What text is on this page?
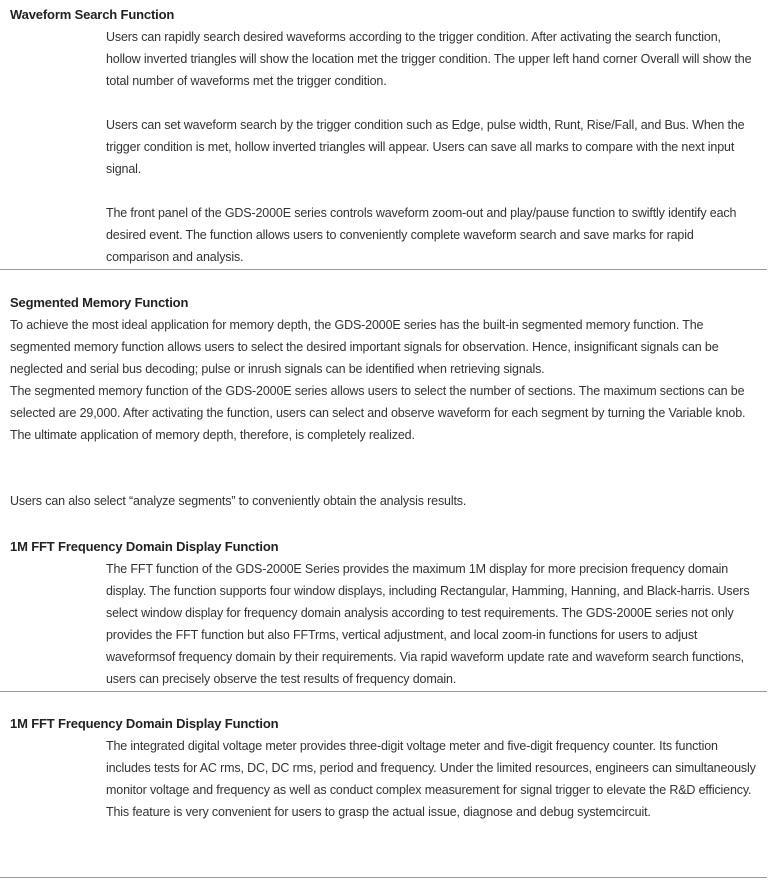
Waveform Search Function

Users can rapidly search desired waveforms according to the trigger condition. After activating the search function, hollow inverted triangles will show the location met the trigger condition. The upper left hand corner Overall will show the total number of waveforms met the trigger condition.

Users can set waveform search by the trigger condition such as Edge, pulse width, Runt, Rise/Fall, and Bus. When the trigger condition is met, hollow inverted triangles will appear. Users can save all marks to compare with the next input signal.

The front panel of the GDS-2000E series controls waveform zoom-out and play/pause function to swiftly identify each desired event. The function allows users to conveniently complete waveform search and save marks for rapid comparison and analysis.

Segmented Memory Function

To achieve the most ideal application for memory depth, the GDS-2000E series has the built-in segmented memory function. The segmented memory function allows users to select the desired important signals for observation. Hence, insignificant signals can be neglected and serial bus decoding; pulse or inrush signals can be identified when retrieving signals.

The segmented memory function of the GDS-2000E series allows users to select the number of sections. The maximum sections can be selected are 29,000. After activating the function, users can select and observe waveform for each segment by turning the Variable knob. The ultimate application of memory depth, therefore, is completely realized.

Users can also select “analyze segments” to conveniently obtain the analysis results.

1M FFT Frequency Domain Display Function

The FFT function of the GDS-2000E Series provides the maximum 1M display for more precision frequency domain display. The function supports four window displays, including Rectangular, Hamming, Hanning, and Black-harris. Users select window display for frequency domain analysis according to test requirements. The GDS-2000E series not only provides the FFT function but also FFTrms, vertical adjustment, and local zoom-in functions for users to adjust waveformsof frequency domain by their requirements. Via rapid waveform update rate and waveform search functions, users can precisely observe the test results of frequency domain.

1M FFT Frequency Domain Display Function

The integrated digital voltage meter provides three-digit voltage meter and five-digit frequency counter. Its function includes tests for AC rms, DC, DC rms, period and frequency. Under the limited resources, engineers can simultaneously monitor voltage and frequency as well as conduct complex measurement for signal trigger to elevate the R&D efficiency. This feature is very convenient for users to grasp the actual issue, diagnose and debug systemcircuit.
